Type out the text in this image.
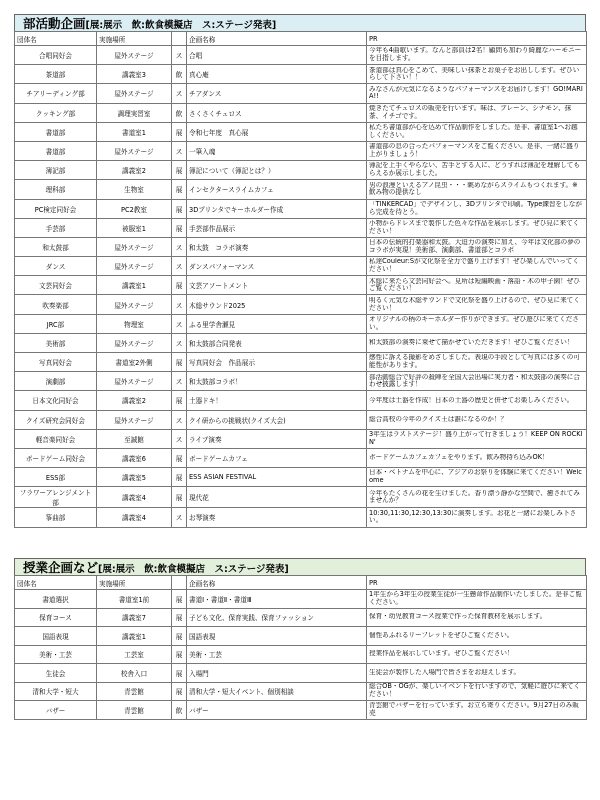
部活動企画[展:展示　飲:飲食模擬店　ス:ステージ発表]
団体名	実施場所		企画名称	PR
合唱同好会	屋外ステージ	ス	合唱	今年も4曲歌います。なんと部員は2名！顧問も加わり綺麗なハーモニーを目指します。

茶道部	講義室3	飲	真心庵	茶道部は真心をこめて、美味しい抹茶とお菓子をお出しします。ぜひいらして下さい！！

チアリーディング部	屋外ステージ	ス	チアダンス	みなさんが元気になるようなパフォーマンスをお届けします！GO!MARIA!!

クッキング部	調理実習室	飲	さくさくチュロス	焼きたてチュロスの販売を行います。味は、プレーン、シナモン、抹茶、イチゴです。

書道部	書道室1	展	令和七年度　真心展	私たち書道部が心を込めて作品制作をしました。是非、書道室1へお越しください。

書道部	屋外ステージ	ス	一筆入魂	書道部の息の合ったパフォーマンスをご覧ください。是非、一緒に盛り上がりましょう！

簿記部	講義室2	展	簿記について（簿記とは？）	簿記を上手くやらない、苦手とする人に、どうすれば簿記を理解してもらえるか展示しました。

理科部	生物室	展	インセクタースライムカフェ	男の浪漫といえるアノ昆虫・・・眺めながらスライムもつくれます。※飲み物の提供なし

PC検定同好会	PC2教室	展	3Dプリンタでキーホルダー作成	「TINKERCAD」でデザインし、3Dプリンタで印刷。Type練習をしながら完成を待とう。

手芸部	被服室1	展	手芸部作品展示	小物からドレスまで製作した色々な作品を展示します。ぜひ見に来てください！

和太鼓部	屋外ステージ	ス	和太鼓　コラボ演奏	日本の伝統的打楽器和太鼓。大迫力の演奏に加え、今年は文化部の夢のコラボが実現！美術部、演劇部、書道部とコラボ

ダンス	屋外ステージ	ス	ダンスパフォーマンス	私達Couleur:Sが文化祭を全力で盛り上げます！ぜひ楽しんでいってください！

文芸同好会	講義室1	展	文芸アソートメント	木総に来たら文芸同好会へ。見所は短編映画・落語・木の甲子園！ぜひご覧ください！

吹奏楽部	屋外ステージ	ス	木総サウンド2025	明るく元気な木総サウンドで文化祭を盛り上げるので、ぜひ見に来てください！

JRC部	物理室	ス	ふる里学舎瀬見	オリジナルの柄のキーホルダー作りができます。ぜひ遊びに来てください。

美術部	屋外ステージ	ス	和太鼓部合同発表	和太鼓部の演奏に乗せて描かせていただきます！ぜひご覧ください！

写真同好会	書道室2外側	展	写真同好会　作品展示	感性に訴える撮影をめざしました。表現の手段として写真には多くの可能性があります。

演劇部	屋外ステージ	ス	和太鼓部コラボ！	部活動総合で好評の殺陣を全国大会出場に実力者・和太鼓部の演奏に合わせ披露します！

日本文化同好会	講義室2	展	土器ドキ！	今年度は土器を作成！日本の土器の歴史と併せてお楽しみください。

クイズ研究会同好会	屋外ステージ	ス	クイ研からの挑戦状(クイズ大会)	総合高校の今年のクイズ王は誰になるのか！？

軽音楽同好会	至誠館	ス	ライブ演奏	3年生はラストステージ！盛り上がって行きましょう！KEEP ON ROCKIN'

ボードゲーム同好会	講義室6	展	ボードゲームカフェ	ボードゲームカフェカフェをやります。飲み物持ち込みOK！

ESS部	講義室5	展	ESS ASIAN FESTIVAL	日本・ベトナムを中心に、アジアのお祭りを体験に来てください！Welcome

フラワーアレンジメント部	講義室4	展	現代花	今年もたくさんの花を生けました。香り漂う静かな空間で、癒されてみませんか？

筝曲部	講義室4	ス	お琴演奏	10:30,11:30,12:30,13:30に演奏します。お花と一緒にお楽しみ下さい。
授業企画など[展:展示　飲:飲食模擬店　ス:ステージ発表]
団体名	実施場所		企画名称	PR
書道選択	書道室1前	展	書道Ⅰ・書道Ⅱ・書道Ⅲ	1年生から3年生の授業生徒が一生懸命作品制作いたしました。是非ご覧ください。

保育コース	講義室7	展	子ども文化、保育実践、保育ファッション	保育・幼児教育コース授業で作った保育教材を展示します。

国語表現	講義室1	展	国語表現	個性あふれるリーフレットをぜひご覧ください。

美術・工芸	工芸室	展	美術・工芸	授業作品を展示しています。ぜひご覧ください！

生徒会	校舎入口	展	入場門	生徒会が製作した入場門で皆さまをお迎えします。

清和大学・短大	青雲館	展	清和大学・短大イベント、個別相談	総合OB・OGが、楽しいイベントを行いますので、気軽に遊びに来てください！

バザー	青雲館	飲	バザー	青雲館でバザーを行っています。お立ち寄りください。9月27日のみ販売
